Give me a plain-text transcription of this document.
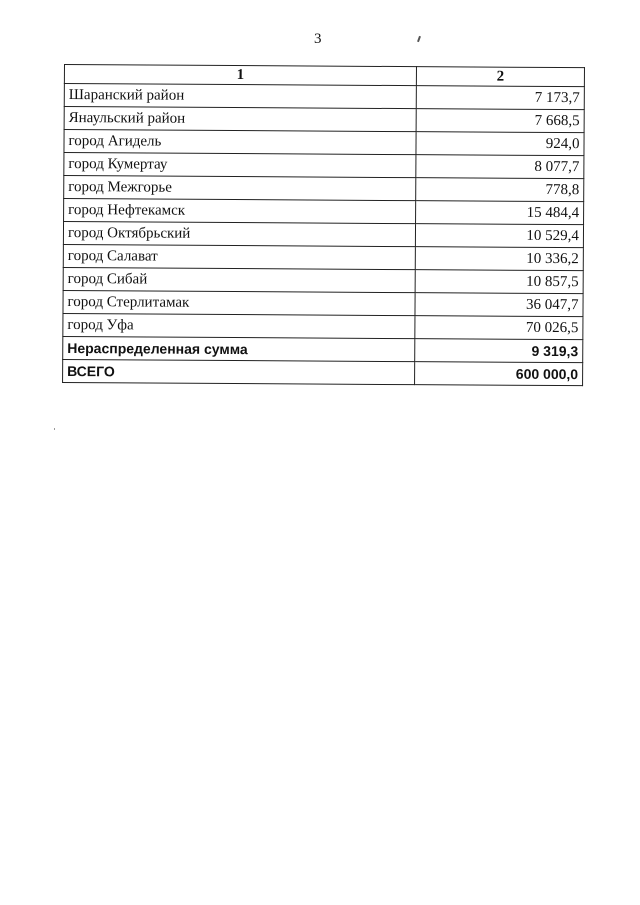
3
1	2
Шаранский район	7 173,7
Янаульский район	7 668,5
город Агидель	924,0
город Кумертау	8 077,7
город Межгорье	778,8
город Нефтекамск	15 484,4
город Октябрьский	10 529,4
город Салават	10 336,2
город Сибай	10 857,5
город Стерлитамак	36 047,7
город Уфа	70 026,5
Нераспределенная сумма	9 319,3
ВСЕГО	600 000,0
